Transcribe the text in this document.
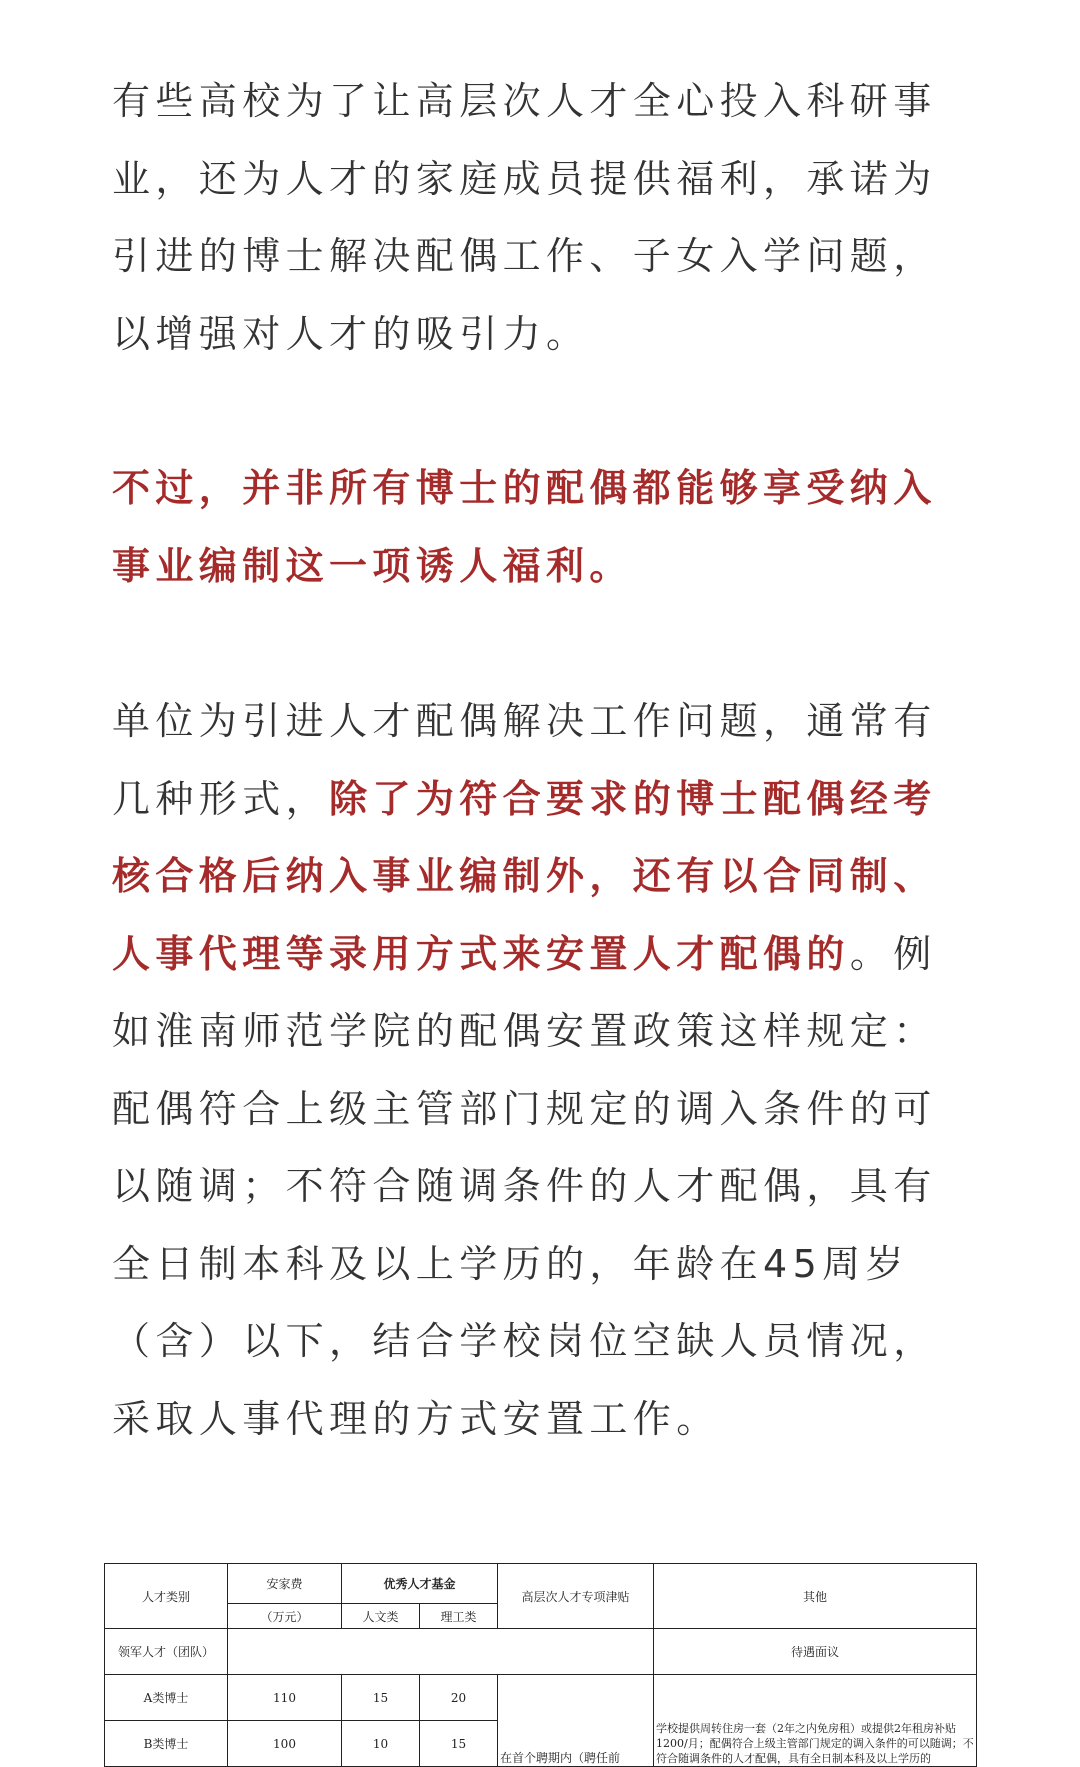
有些高校为了让高层次人才全心投入科研事业，还为人才的家庭成员提供福利，承诺为引进的博士解决配偶工作、子女入学问题，以增强对人才的吸引力。

不过，并非所有博士的配偶都能够享受纳入事业编制这一项诱人福利。

单位为引进人才配偶解决工作问题，通常有几种形式，除了为符合要求的博士配偶经考核合格后纳入事业编制外，还有以合同制、人事代理等录用方式来安置人才配偶的。例如淮南师范学院的配偶安置政策这样规定：配偶符合上级主管部门规定的调入条件的可以随调；不符合随调条件的人才配偶，具有全日制本科及以上学历的，年龄在45周岁（含）以下，结合学校岗位空缺人员情况，采取人事代理的方式安置工作。

人才类别	安家费	优秀人才基金		高层次人才专项津贴	其他
	（万元）	人文类	理工类		
领军人才（团队）					待遇面议
A类博士	110	15	20	在首个聘期内（聘任前	学校提供周转住房一套（2年之内免房租）或提供2年租房补贴1200/月；配偶符合上级主管部门规定的调入条件的可以随调；不符合随调条件的人才配偶，具有全日制本科及以上学历的
B类博士	100	10	15		
